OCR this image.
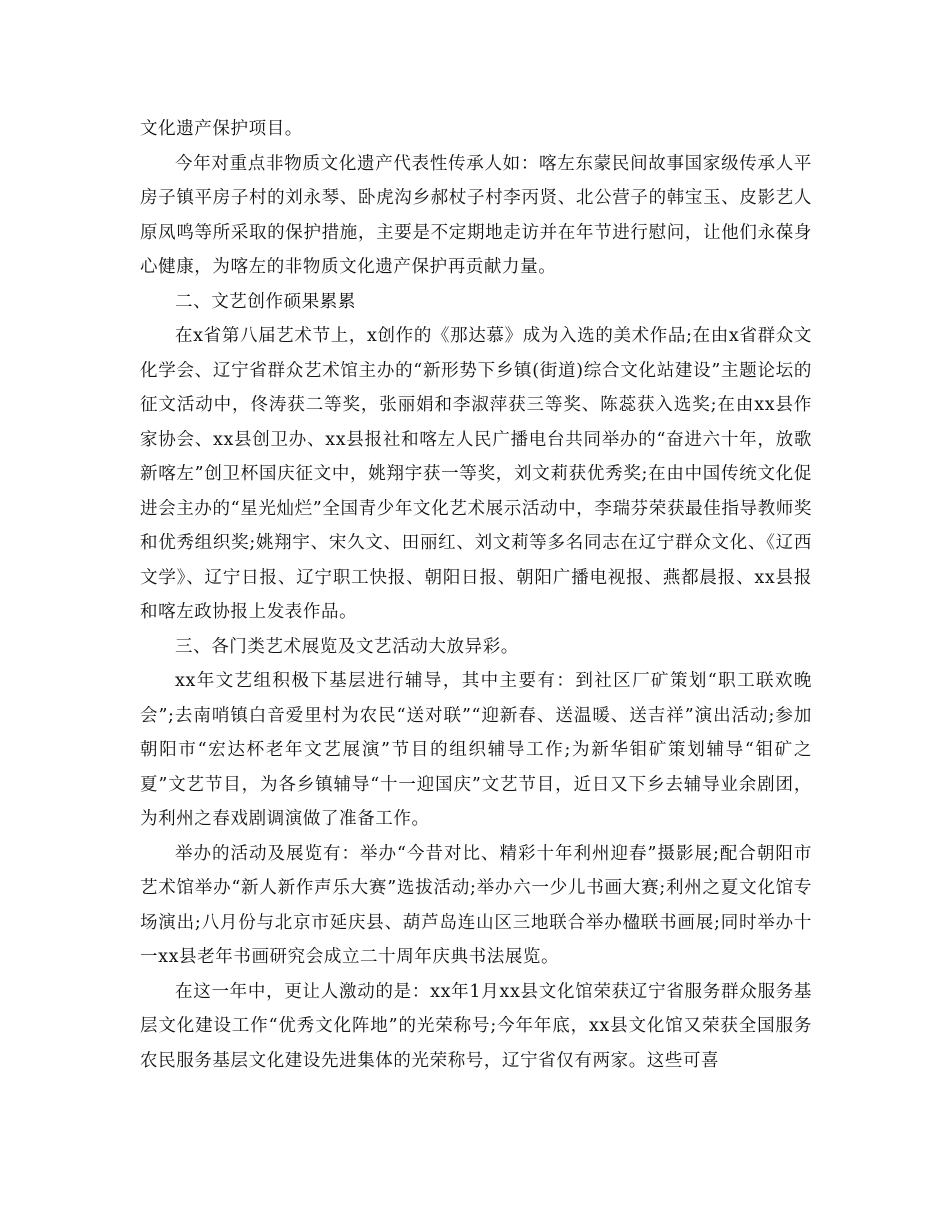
文化遗产保护项目。

今年对重点非物质文化遗产代表性传承人如：喀左东蒙民间故事国家级传承人平房子镇平房子村的刘永琴、卧虎沟乡郝杖子村李丙贤、北公营子的韩宝玉、皮影艺人原凤鸣等所采取的保护措施，主要是不定期地走访并在年节进行慰问，让他们永葆身心健康，为喀左的非物质文化遗产保护再贡献力量。

二、文艺创作硕果累累

在x省第八届艺术节上，x创作的《那达慕》成为入选的美术作品;在由x省群众文化学会、辽宁省群众艺术馆主办的“新形势下乡镇(街道)综合文化站建设”主题论坛的征文活动中，佟涛获二等奖，张丽娟和李淑萍获三等奖、陈蕊获入选奖;在由xx县作家协会、xx县创卫办、xx县报社和喀左人民广播电台共同举办的“奋进六十年，放歌新喀左”创卫杯国庆征文中，姚翔宇获一等奖，刘文莉获优秀奖;在由中国传统文化促进会主办的“星光灿烂”全国青少年文化艺术展示活动中，李瑞芬荣获最佳指导教师奖和优秀组织奖;姚翔宇、宋久文、田丽红、刘文莉等多名同志在辽宁群众文化、《辽西文学》、辽宁日报、辽宁职工快报、朝阳日报、朝阳广播电视报、燕都晨报、xx县报和喀左政协报上发表作品。

三、各门类艺术展览及文艺活动大放异彩。

xx年文艺组积极下基层进行辅导，其中主要有：到社区厂矿策划“职工联欢晚会”;去南哨镇白音爱里村为农民“送对联”“迎新春、送温暖、送吉祥”演出活动;参加朝阳市“宏达杯老年文艺展演”节目的组织辅导工作;为新华钼矿策划辅导“钼矿之夏”文艺节目，为各乡镇辅导“十一迎国庆”文艺节目，近日又下乡去辅导业余剧团，为利州之春戏剧调演做了准备工作。

举办的活动及展览有：举办“今昔对比、精彩十年利州迎春”摄影展;配合朝阳市艺术馆举办“新人新作声乐大赛”选拔活动;举办六一少儿书画大赛;利州之夏文化馆专场演出;八月份与北京市延庆县、葫芦岛连山区三地联合举办楹联书画展;同时举办十一xx县老年书画研究会成立二十周年庆典书法展览。

在这一年中，更让人激动的是：xx年1月xx县文化馆荣获辽宁省服务群众服务基层文化建设工作“优秀文化阵地”的光荣称号;今年年底，xx县文化馆又荣获全国服务农民服务基层文化建设先进集体的光荣称号，辽宁省仅有两家。这些可喜
